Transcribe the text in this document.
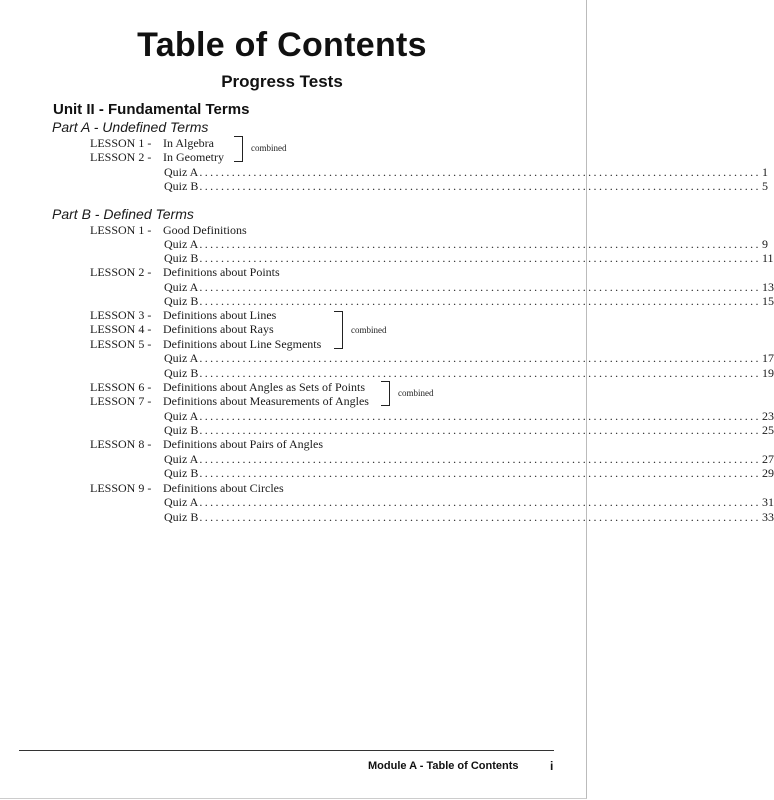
Table of Contents
Progress Tests
Unit II - Fundamental Terms
Part A - Undefined Terms
LESSON 1 - In Algebra
LESSON 2 - In Geometry
combined
Quiz A ........................................................................................................ 1
Quiz B ........................................................................................................ 5
Part B - Defined Terms
LESSON 1 - Good Definitions
Quiz A ........................................................................................................ 9
Quiz B ........................................................................................................ 11
LESSON 2 - Definitions about Points
Quiz A ........................................................................................................ 13
Quiz B ........................................................................................................ 15
LESSON 3 - Definitions about Lines
LESSON 4 - Definitions about Rays
LESSON 5 - Definitions about Line Segments
combined
Quiz A ........................................................................................................ 17
Quiz B ........................................................................................................ 19
LESSON 6 - Definitions about Angles as Sets of Points
LESSON 7 - Definitions about Measurements of Angles
combined
Quiz A ........................................................................................................ 23
Quiz B ........................................................................................................ 25
LESSON 8 - Definitions about Pairs of Angles
Quiz A ........................................................................................................ 27
Quiz B ........................................................................................................ 29
LESSON 9 - Definitions about Circles
Quiz A ........................................................................................................ 31
Quiz B ........................................................................................................ 33
Module A - Table of Contents	i
